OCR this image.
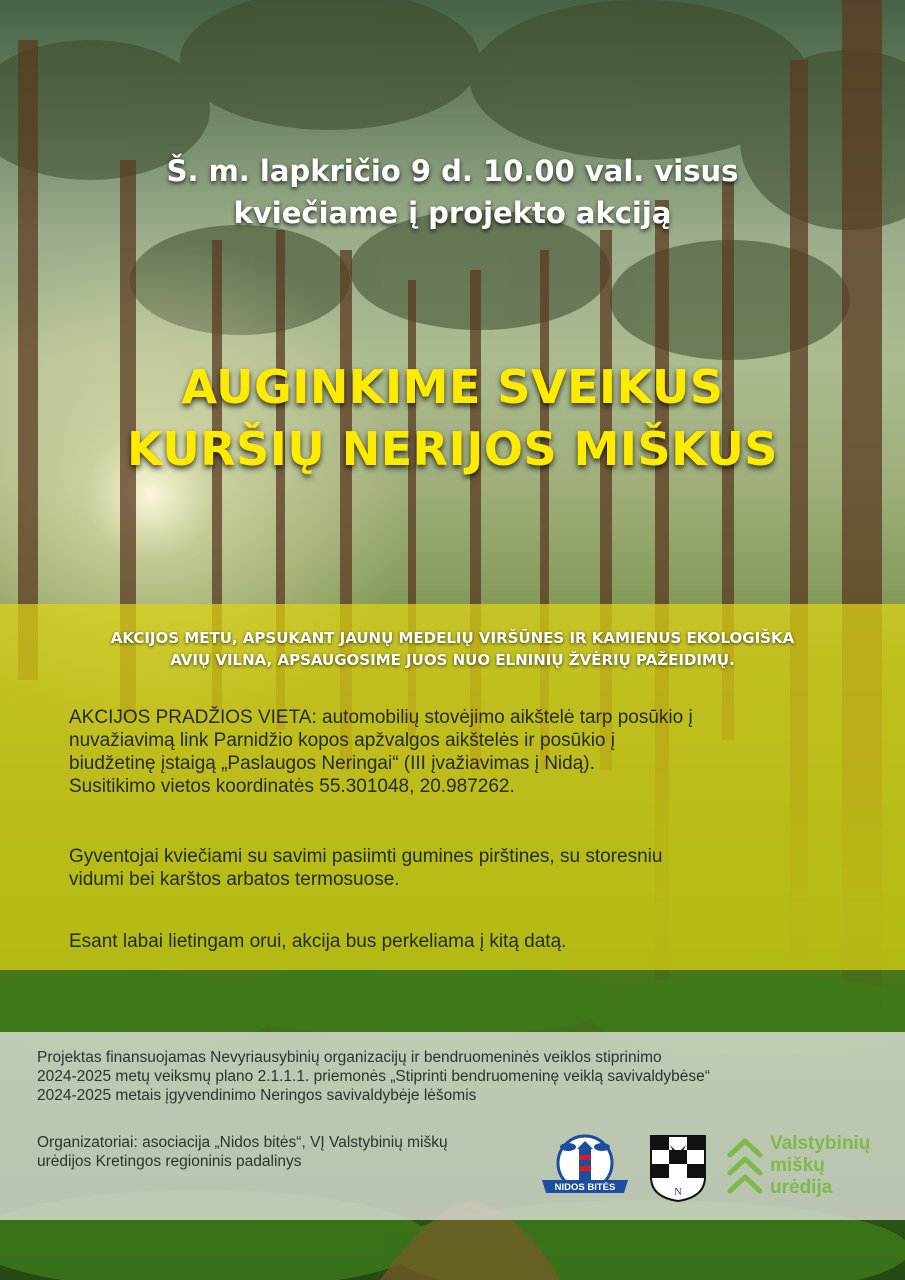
Š. m. lapkričio 9 d. 10.00 val. visus
kviečiame į projekto akciją
AUGINKIME SVEIKUS
KURŠIŲ NERIJOS MIŠKUS
AKCIJOS METU, APSUKANT JAUNŲ MEDELIŲ VIRŠŪNES IR KAMIENUS EKOLOGIŠKA
AVIŲ VILNA, APSAUGOSIME JUOS NUO ELNINIŲ ŽVĖRIŲ PAŽEIDIMŲ.
AKCIJOS PRADŽIOS VIETA: automobilių stovėjimo aikštelė tarp posūkio į
nuvažiavimą link Parnidžio kopos apžvalgos aikštelės ir posūkio į
biudžetinę įstaigą „Paslaugos Neringai“ (III įvažiavimas į Nidą).
Susitikimo vietos koordinatės 55.301048, 20.987262.
Gyventojai kviečiami su savimi pasiimti gumines pirštines, su storesniu
vidumi bei karštos arbatos termosuose.
Esant labai lietingam orui, akcija bus perkeliama į kitą datą.
Projektas finansuojamas Nevyriausybinių organizacijų ir bendruomeninės veiklos stiprinimo
2024-2025 metų veiksmų plano 2.1.1.1. priemonės „Stiprinti bendruomeninę veiklą savivaldybėse“
2024-2025 metais įgyvendinimo Neringos savivaldybėje lėšomis
Organizatoriai: asociacija „Nidos bitės“, VĮ Valstybinių miškų
urėdijos Kretingos regioninis padalinys
NIDOS BITĖS	N
Valstybinių
miškų
urėdija
